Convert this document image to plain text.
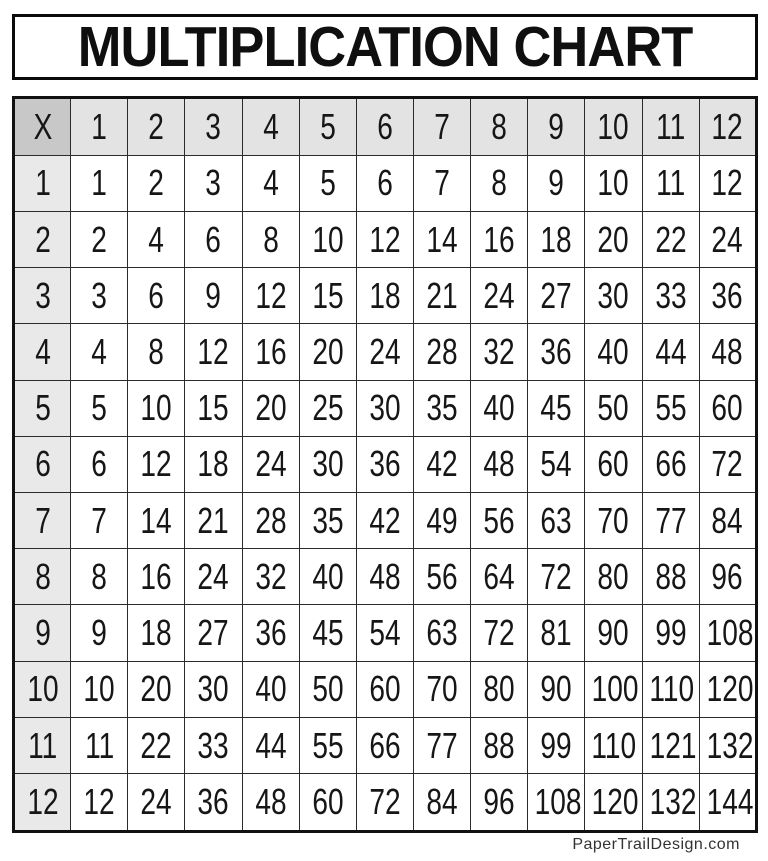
MULTIPLICATION CHART
X	1	2	3	4	5	6	7	8	9	10	11	12
1	1	2	3	4	5	6	7	8	9	10	11	12
2	2	4	6	8	10	12	14	16	18	20	22	24
3	3	6	9	12	15	18	21	24	27	30	33	36
4	4	8	12	16	20	24	28	32	36	40	44	48
5	5	10	15	20	25	30	35	40	45	50	55	60
6	6	12	18	24	30	36	42	48	54	60	66	72
7	7	14	21	28	35	42	49	56	63	70	77	84
8	8	16	24	32	40	48	56	64	72	80	88	96
9	9	18	27	36	45	54	63	72	81	90	99	108
10	10	20	30	40	50	60	70	80	90	100	110	120
11	11	22	33	44	55	66	77	88	99	110	121	132
12	12	24	36	48	60	72	84	96	108	120	132	144
PaperTrailDesign.com
